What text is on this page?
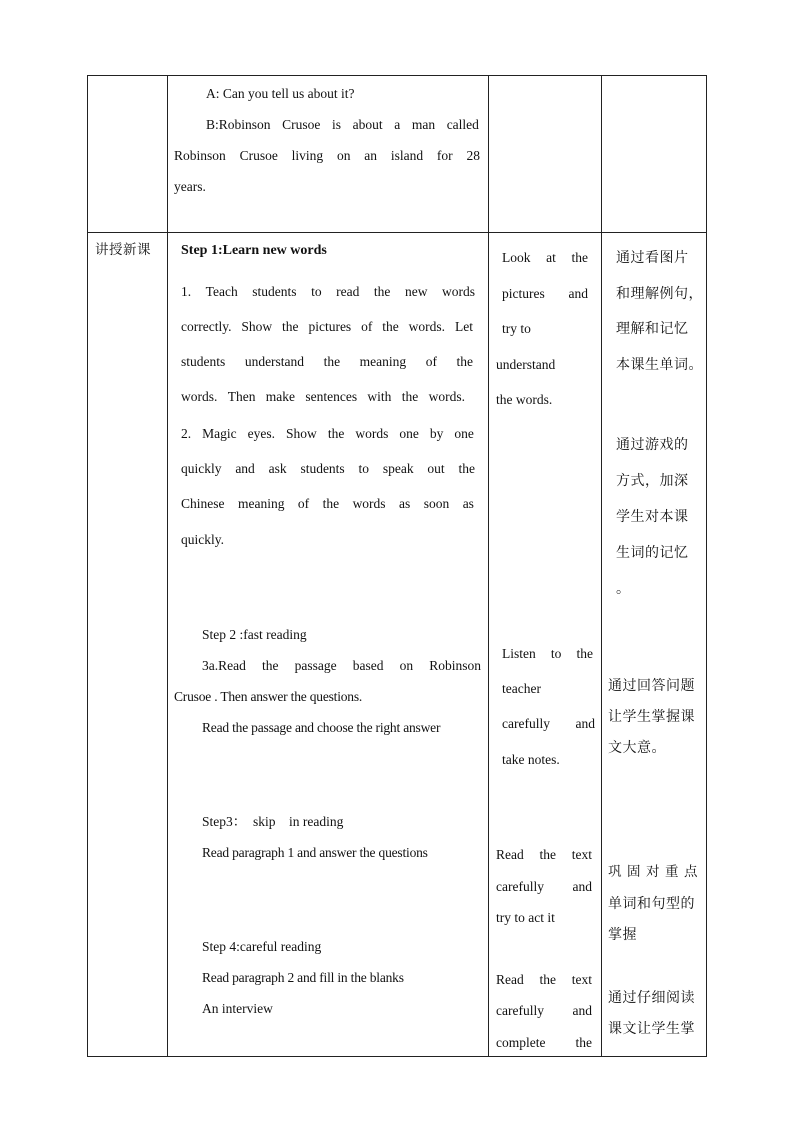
A: Can you tell us about it?
B:Robinson Crusoe is about a man called
Robinson Crusoe living on an island for 28
years.
讲授新课 Step 1:Learn new words
1. Teach students to read the new words
correctly. Show the pictures of the words. Let
students understand the meaning of the
words. Then make sentences with the words.
2. Magic eyes. Show the words one by one
quickly and ask students to speak out the
Chinese meaning of the words as soon as
quickly.
Step 2 :fast reading
3a.Read the passage based on Robinson
Crusoe . Then answer the questions.
Read the passage and choose the right answer
Step3：  skip    in reading
Read paragraph 1 and answer the questions
Step 4:careful reading
Read paragraph 2 and fill in the blanks
An interview
Look at the
pictures and
try to
understand
the words.
Listen to the
teacher
carefully and
take notes.
Read the text
carefully and
try to act it
Read the text
carefully and
complete the
通过看图片
和理解例句，
理解和记忆
本课生单词。
通过游戏的
方式，加深
学生对本课
生词的记忆
。
通过回答问题
让学生掌握课
文大意。
巩 固 对 重 点
单词和句型的
掌握
通过仔细阅读
课文让学生掌
